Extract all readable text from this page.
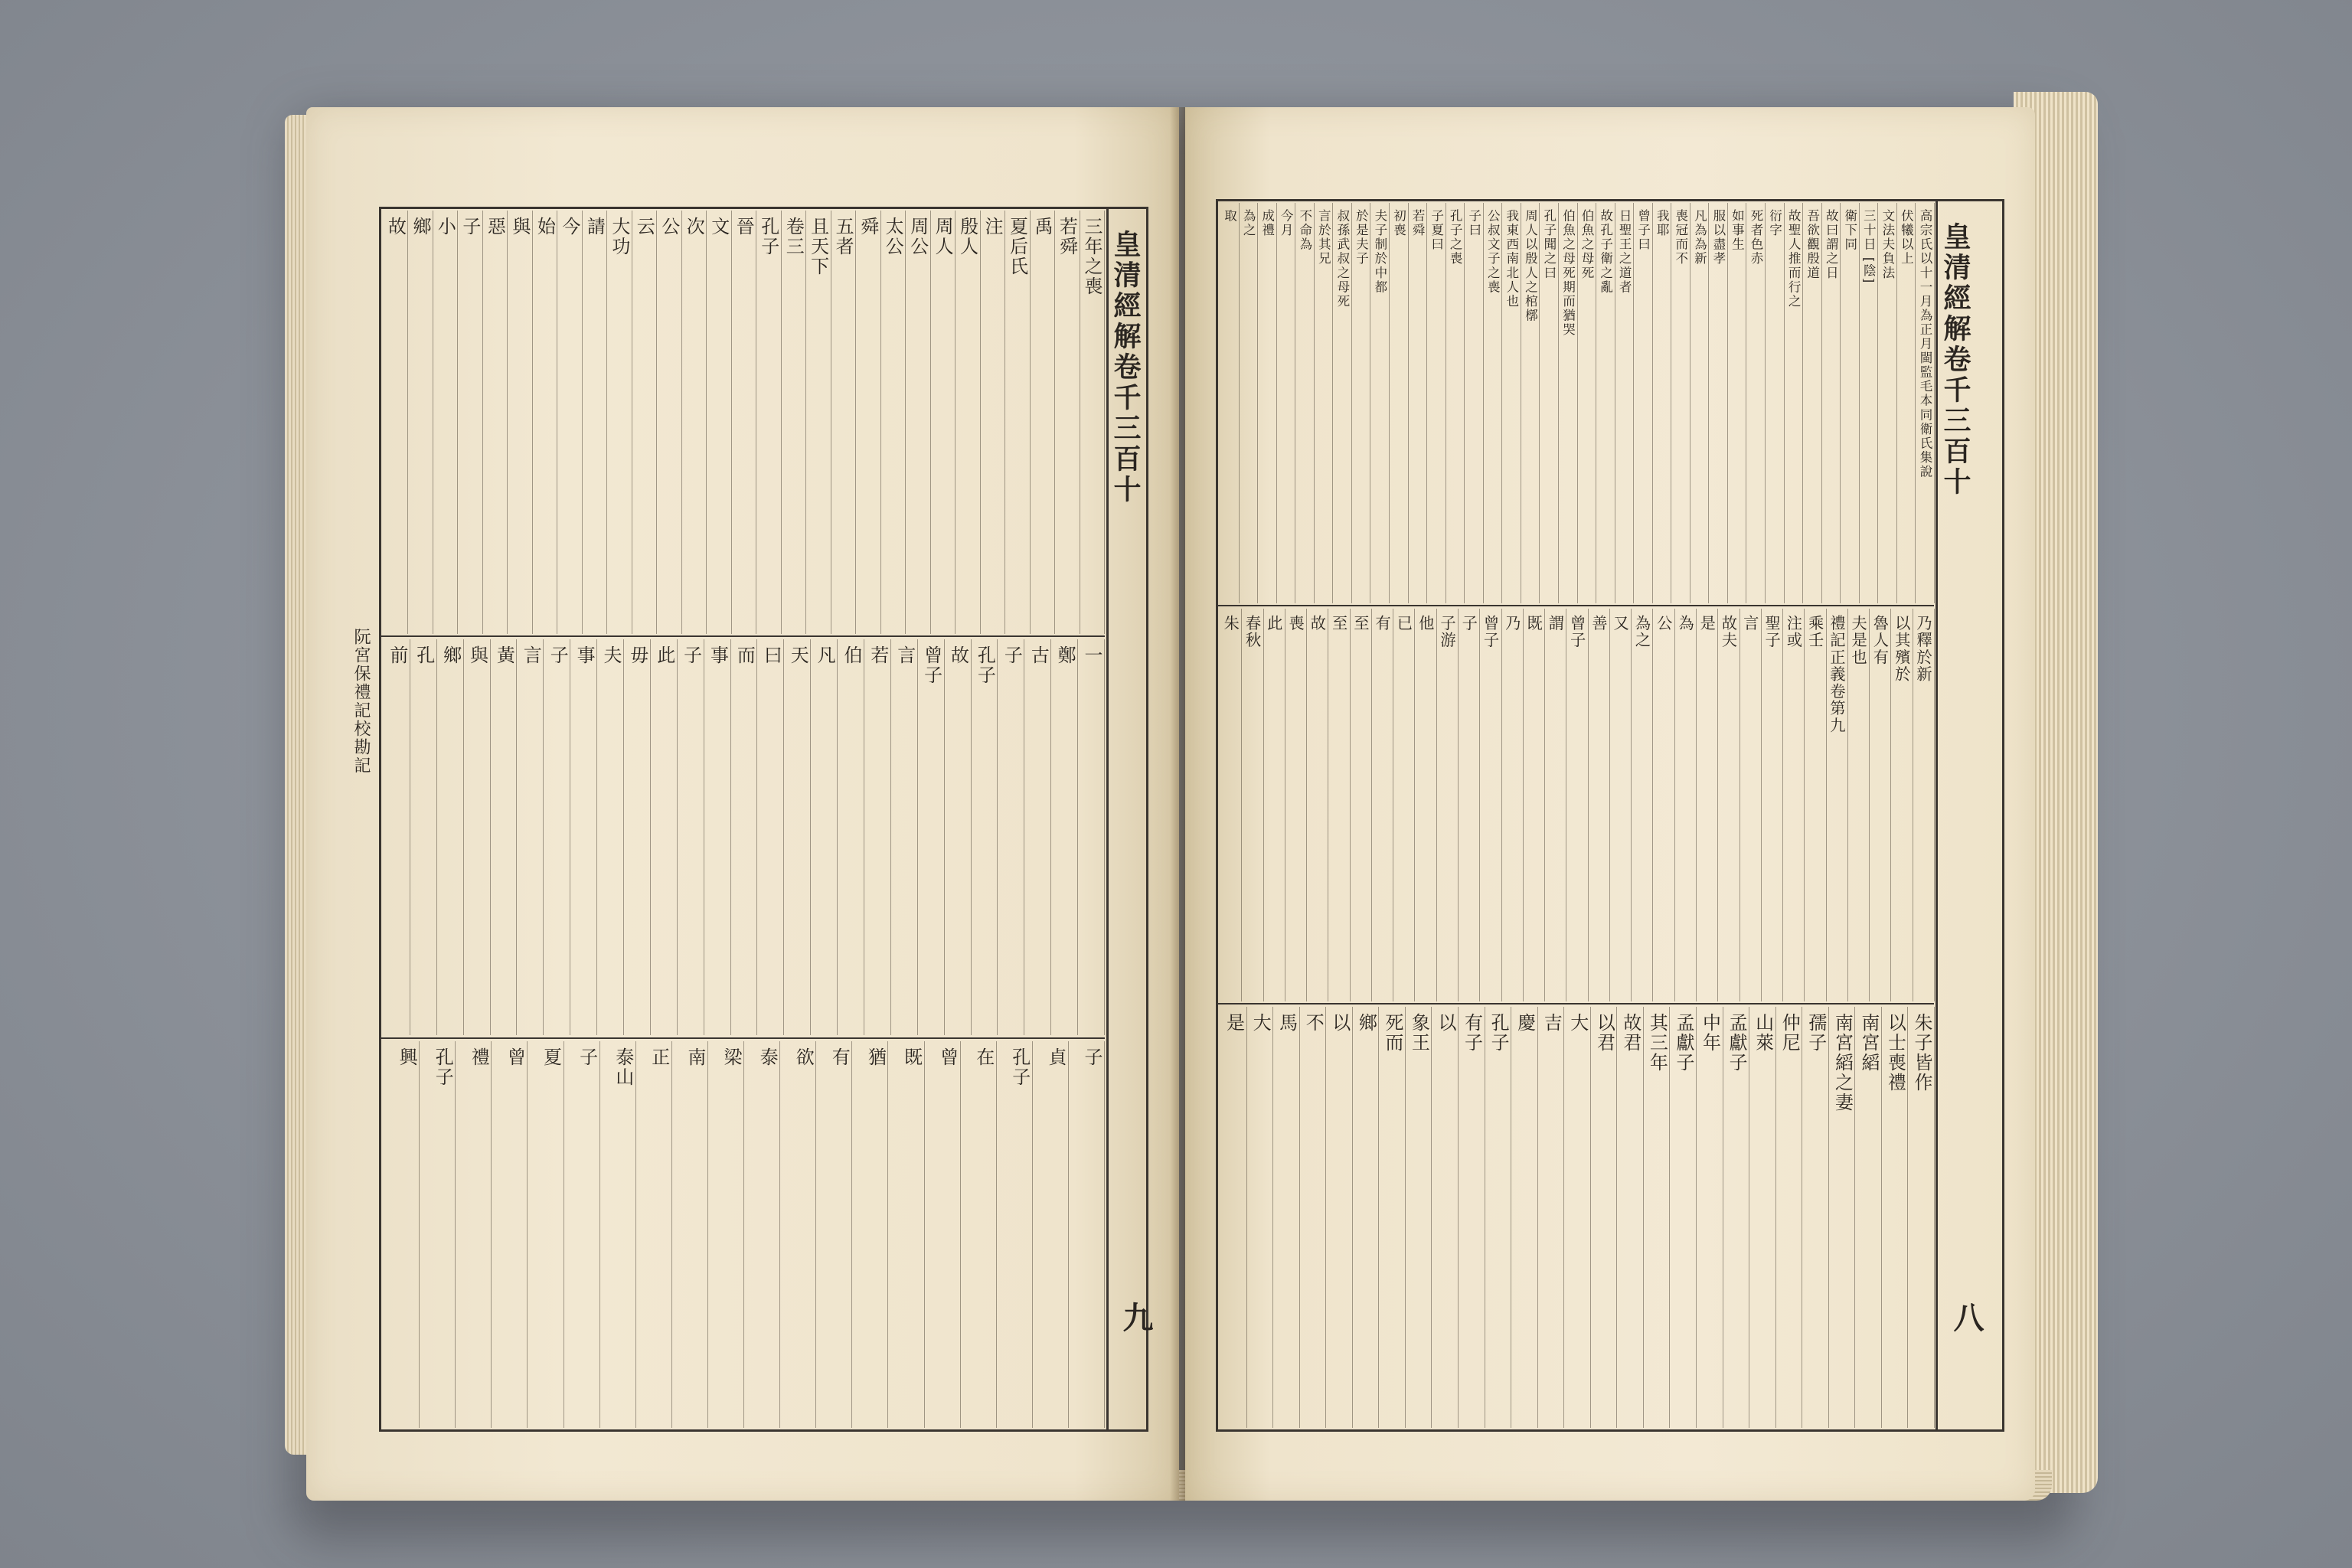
皇清經解卷千三百十
九
阮宮保禮記校勘記
三年之喪
若舜
禹
夏后氏
注
殷人
周人
周公
太公
舜
五者
且天下
卷三
孔子
晉
文
次
公
云
大功
請
今
始
與
惡
子
小
鄉
故
一
鄭
古
子
孔子
故
曾子
言
若
伯
凡
天
曰
而
事
子
此
毋
夫
事
子
言
黃
與
鄉
孔
前
子
貞
孔子
在
曾
既
猶
有
欲
泰
梁
南
正
泰山
子
夏
曾
禮
孔子
興
皇清經解卷千三百十
八
高宗氏以十一月為正月閩監毛本同衛氏集說
伏犧以上
文法夫負法
三十日 [陰]
衛下同
故曰謂之日
吾欲觀殷道
故聖人推而行之
衍字
死者色赤
如事生
服以盡孝
凡為為新
喪冠而不
我耶
曾子曰
日聖王之道者
故孔子衛之亂
伯魚之母死
伯魚之母死期而猶哭
孔子聞之曰
周人以殷人之棺槨
我東西南北人也
公叔文子之喪
子曰
孔子之喪
子夏曰
若舜
初喪
夫子制於中都
於是夫子
叔孫武叔之母死
言於其兄
不命為
今月
成禮
為之
取
乃釋於新
以其殯於
魯人有
夫是也
禮記正義卷第九
乘壬
注或
聖子
言
故夫
是
為
公
為之
又
善
曾子
謂
既
乃
曾子
子
子游
他
已
有
至
至
故
喪
此
春秋
朱
朱子皆作
以士喪禮
南宮縚
南宮縚之妻
孺子
仲尼
山萊
孟獻子
中年
孟獻子
其三年
故君
以君
大
吉
慶
孔子
有子
以
象王
死而
鄉
以
不
馬
大
是
